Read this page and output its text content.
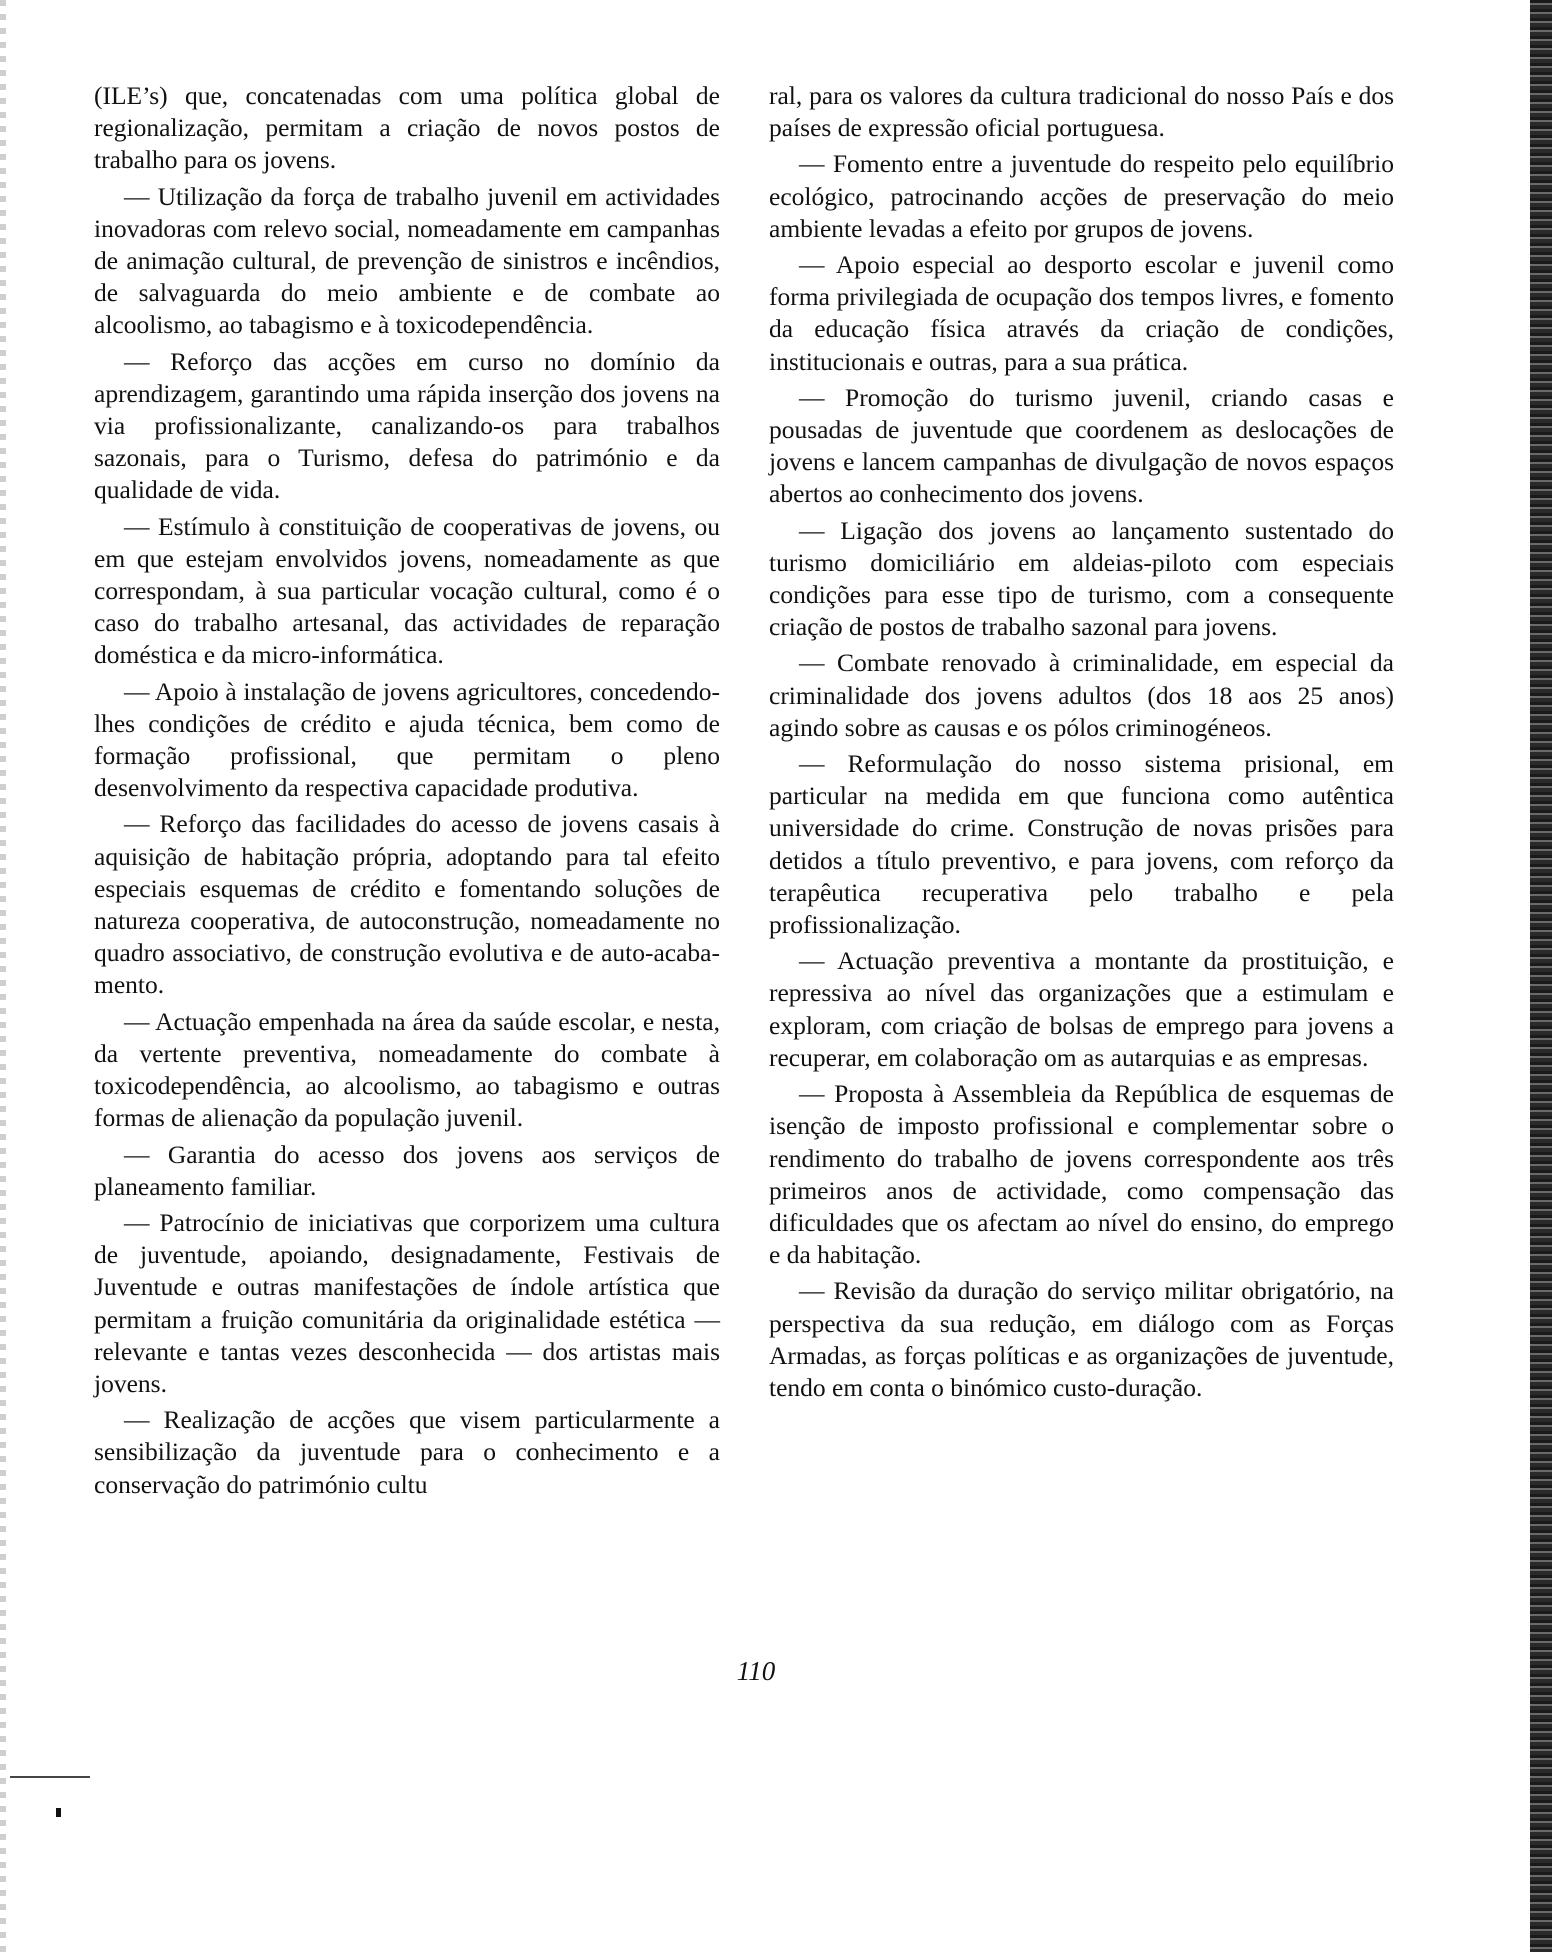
(ILE’s) que, concatenadas com uma política global de regionalização, permitam a criação de novos postos de trabalho para os jovens.

— Utilização da força de trabalho juvenil em actividades inovadoras com relevo social, nomeadamente em campanhas de animação cultural, de prevenção de sinistros e incêndios, de salvaguarda do meio ambiente e de combate ao alcoolismo, ao tabagismo e à toxicodependência.

— Reforço das acções em curso no domínio da aprendizagem, garantindo uma rápida inserção dos jovens na via profissionalizante, canalizando-os para trabalhos sazonais, para o Turismo, defesa do património e da qualidade de vida.

— Estímulo à constituição de cooperativas de jovens, ou em que estejam envolvidos jovens, nomeadamente as que correspondam, à sua particular vocação cultural, como é o caso do trabalho artesanal, das actividades de reparação doméstica e da micro-informática.

— Apoio à instalação de jovens agricultores, concedendo-lhes condições de crédito e ajuda técnica, bem como de formação profissional, que permitam o pleno desenvolvimento da respectiva capacidade produtiva.

— Reforço das facilidades do acesso de jovens casais à aquisição de habitação própria, adoptando para tal efeito especiais esquemas de crédito e fomentando soluções de natureza cooperativa, de autoconstrução, nomeadamente no quadro associativo, de construção evolutiva e de auto-acabamento.

— Actuação empenhada na área da saúde escolar, e nesta, da vertente preventiva, nomeadamente do combate à toxicodependência, ao alcoolismo, ao tabagismo e outras formas de alienação da população juvenil.

— Garantia do acesso dos jovens aos serviços de planeamento familiar.

— Patrocínio de iniciativas que corporizem uma cultura de juventude, apoiando, designadamente, Festivais de Juventude e outras manifestações de índole artística que permitam a fruição comunitária da originalidade estética — relevante e tantas vezes desconhecida — dos artistas mais jovens.

— Realização de acções que visem particularmente a sensibilização da juventude para o conhecimento e a conservação do património cultu

ral, para os valores da cultura tradicional do nosso País e dos países de expressão oficial portuguesa.

— Fomento entre a juventude do respeito pelo equilíbrio ecológico, patrocinando acções de preservação do meio ambiente levadas a efeito por grupos de jovens.

— Apoio especial ao desporto escolar e juvenil como forma privilegiada de ocupação dos tempos livres, e fomento da educação física através da criação de condições, institucionais e outras, para a sua prática.

— Promoção do turismo juvenil, criando casas e pousadas de juventude que coordenem as deslocações de jovens e lancem campanhas de divulgação de novos espaços abertos ao conhecimento dos jovens.

— Ligação dos jovens ao lançamento sustentado do turismo domiciliário em aldeias-piloto com especiais condições para esse tipo de turismo, com a consequente criação de postos de trabalho sazonal para jovens.

— Combate renovado à criminalidade, em especial da criminalidade dos jovens adultos (dos 18 aos 25 anos) agindo sobre as causas e os pólos criminogéneos.

— Reformulação do nosso sistema prisional, em particular na medida em que funciona como autêntica universidade do crime. Construção de novas prisões para detidos a título preventivo, e para jovens, com reforço da terapêutica recuperativa pelo trabalho e pela profissionalização.

— Actuação preventiva a montante da prostituição, e repressiva ao nível das organizações que a estimulam e exploram, com criação de bolsas de emprego para jovens a recuperar, em colaboração om as autarquias e as empresas.

— Proposta à Assembleia da República de esquemas de isenção de imposto profissional e complementar sobre o rendimento do trabalho de jovens correspondente aos três primeiros anos de actividade, como compensação das dificuldades que os afectam ao nível do ensino, do emprego e da habitação.

— Revisão da duração do serviço militar obrigatório, na perspectiva da sua redução, em diálogo com as Forças Armadas, as forças políticas e as organizações de juventude, tendo em conta o binómico custo-duração.

110
